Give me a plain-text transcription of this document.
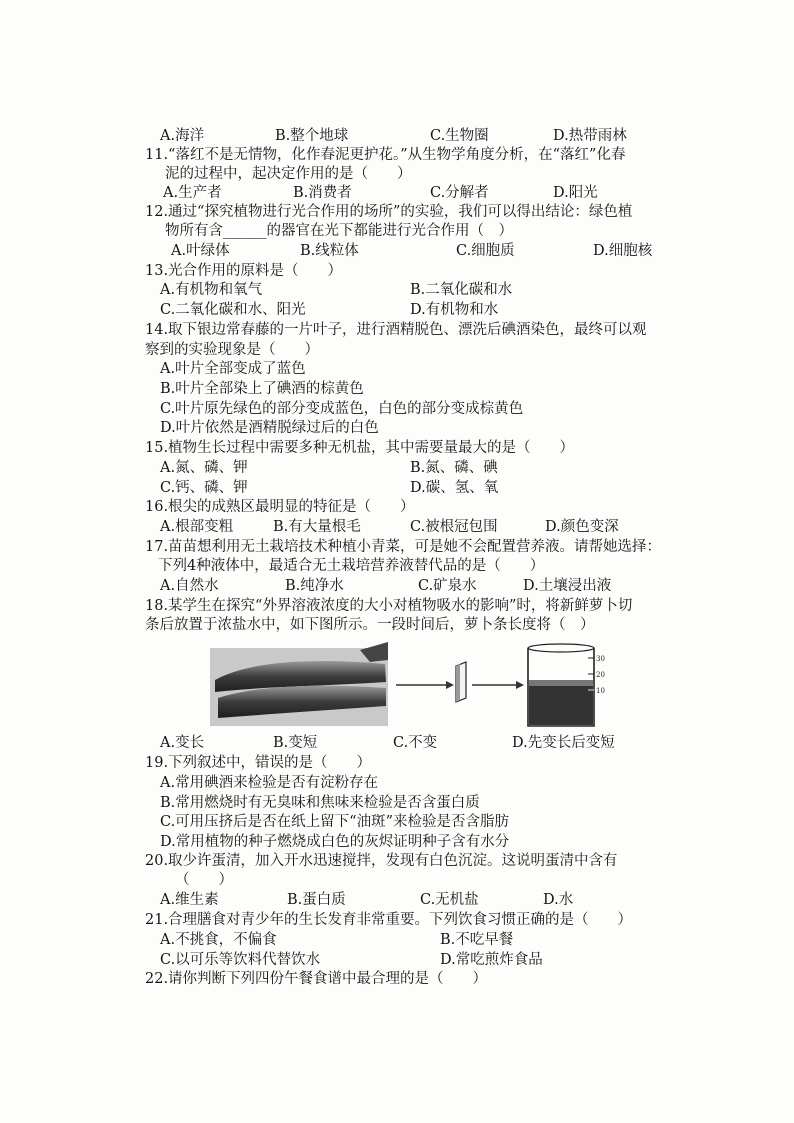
11.“落红不是无情物，化作春泥更护花。”从生物学角度分析，在“落红”化春
泥的过程中，起决定作用的是（　　）
12.通过“探究植物进行光合作用的场所”的实验，我们可以得出结论：绿色植
物所有含______的器官在光下都能进行光合作用（　）
13.光合作用的原料是（　　）
14.取下银边常春藤的一片叶子，进行酒精脱色、漂洗后碘酒染色，最终可以观
察到的实验现象是（　　）
15.植物生长过程中需要多种无机盐，其中需要量最大的是（　　）
16.根尖的成熟区最明显的特征是（　　）
17.苗苗想利用无土栽培技术种植小青菜，可是她不会配置营养液。请帮她选择：
下列4种液体中，最适合无土栽培营养液替代品的是（　　）
18.某学生在探究“外界溶液浓度的大小对植物吸水的影响”时，将新鲜萝卜切
条后放置于浓盐水中，如下图所示。一段时间后，萝卜条长度将（　）
19.下列叙述中，错误的是（　　）
20.取少许蛋清，加入开水迅速搅拌，发现有白色沉淀。这说明蛋清中含有
（　　）
21.合理膳食对青少年的生长发育非常重要。下列饮食习惯正确的是（　　）
22.请你判断下列四份午餐食谱中最合理的是（　　）
A.海洋	B.整个地球	C.生物圈	D.热带雨林
A.生产者	B.消费者	C.分解者	D.阳光
A.叶绿体	B.线粒体	C.细胞质	D.细胞核
A.有机物和氧气	B.二氧化碳和水
C.二氧化碳和水、阳光	D.有机物和水
A.叶片全部变成了蓝色
B.叶片全部染上了碘酒的棕黄色
C.叶片原先绿色的部分变成蓝色，白色的部分变成棕黄色
D.叶片依然是酒精脱绿过后的白色
A.氮、磷、钾	B.氮、磷、碘
C.钙、磷、钾	D.碳、氢、氧
A.根部变粗	B.有大量根毛	C.被根冠包围	D.颜色变深
A.自然水	B.纯净水	C.矿泉水	D.土壤浸出液
A.变长	B.变短	C.不变	D.先变长后变短
A.常用碘酒来检验是否有淀粉存在
B.常用燃烧时有无臭味和焦味来检验是否含蛋白质
C.可用压挤后是否在纸上留下“油斑”来检验是否含脂肪
D.常用植物的种子燃烧成白色的灰烬证明种子含有水分
A.维生素	B.蛋白质	C.无机盐	D.水
A.不挑食，不偏食	B.不吃早餐
C.以可乐等饮料代替饮水	D.常吃煎炸食品
30
20
10
